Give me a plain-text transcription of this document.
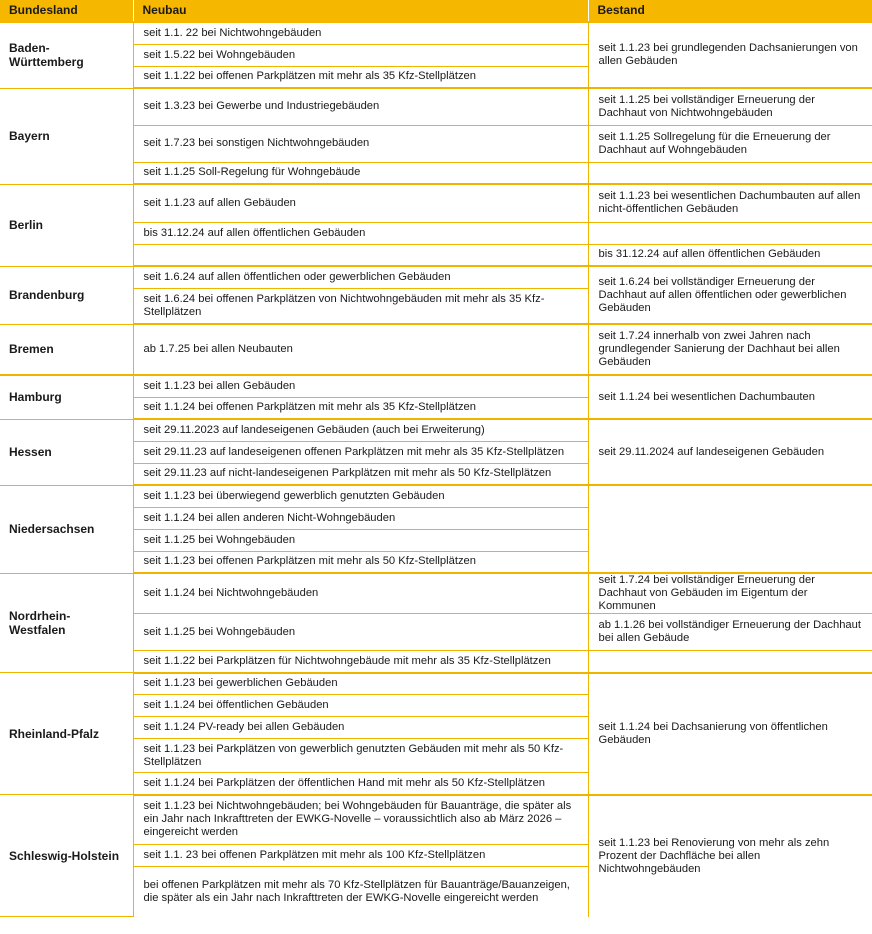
Bundesland	Neubau	Bestand
Baden-
Württemberg	seit 1.1. 22 bei Nichtwohngebäuden	seit 1.1.23 bei grundlegenden Dachsanierungen von allen Gebäuden
	seit 1.5.22 bei Wohngebäuden	
	seit 1.1.22 bei offenen Parkplätzen mit mehr als 35 Kfz-Stellplätzen	
Bayern	seit 1.3.23 bei Gewerbe und Industriegebäuden	seit 1.1.25 bei vollständiger Erneuerung der Dachhaut von Nichtwohngebäuden
	seit 1.7.23 bei sonstigen Nichtwohngebäuden	seit 1.1.25 Sollregelung für die Erneuerung der Dachhaut auf Wohngebäuden
	seit 1.1.25 Soll-Regelung für Wohngebäude	
Berlin	seit 1.1.23 auf allen Gebäuden	seit 1.1.23 bei wesentlichen Dachumbauten auf allen nicht-öffentlichen Gebäuden
	bis 31.12.24 auf allen öffentlichen Gebäuden	
		bis 31.12.24 auf allen öffentlichen Gebäuden
Brandenburg	seit 1.6.24 auf allen öffentlichen oder gewerblichen Gebäuden	seit 1.6.24 bei vollständiger Erneuerung der Dachhaut auf allen öffentlichen oder gewerblichen Gebäuden
	seit 1.6.24 bei offenen Parkplätzen von Nichtwohngebäuden mit mehr als 35 Kfz-Stellplätzen	
Bremen	ab 1.7.25 bei allen Neubauten	seit 1.7.24 innerhalb von zwei Jahren nach grundlegender Sanierung der Dachhaut bei allen Gebäuden
Hamburg	seit 1.1.23 bei allen Gebäuden	seit 1.1.24 bei wesentlichen Dachumbauten
	seit 1.1.24 bei offenen Parkplätzen mit mehr als 35 Kfz-Stellplätzen	
Hessen	seit 29.11.2023 auf landeseigenen Gebäuden (auch bei Erweiterung)	seit 29.11.2024 auf landeseigenen Gebäuden
	seit 29.11.23 auf landeseigenen offenen Parkplätzen mit mehr als 35 Kfz-Stellplätzen	
	seit 29.11.23 auf nicht-landeseigenen Parkplätzen mit mehr als 50 Kfz-Stellplätzen	
Niedersachsen	seit 1.1.23 bei überwiegend gewerblich genutzten Gebäuden	
	seit 1.1.24 bei allen anderen Nicht-Wohngebäuden	
	seit 1.1.25 bei Wohngebäuden	
	seit 1.1.23 bei offenen Parkplätzen mit mehr als 50 Kfz-Stellplätzen	
Nordrhein-
Westfalen	seit 1.1.24 bei Nichtwohngebäuden	seit 1.7.24 bei vollständiger Erneuerung der Dachhaut von Gebäuden im Eigentum der Kommunen
	seit 1.1.25 bei Wohngebäuden	ab 1.1.26 bei vollständiger Erneuerung der Dachhaut bei allen Gebäude
	seit 1.1.22 bei Parkplätzen für Nichtwohngebäude mit mehr als 35 Kfz-Stellplätzen	
Rheinland-Pfalz	seit 1.1.23 bei gewerblichen Gebäuden	seit 1.1.24 bei Dachsanierung von öffentlichen Gebäuden
	seit 1.1.24 bei öffentlichen Gebäuden	
	seit 1.1.24 PV-ready bei allen Gebäuden	
	seit 1.1.23 bei Parkplätzen von gewerblich genutzten Gebäuden mit mehr als 50 Kfz-Stellplätzen	
	seit 1.1.24 bei Parkplätzen der öffentlichen Hand mit mehr als 50 Kfz-Stellplätzen	
Schleswig-Holstein	seit 1.1.23 bei Nichtwohngebäuden; bei Wohngebäuden für Bauanträge, die später als ein Jahr nach Inkrafttreten der EWKG-Novelle – voraussichtlich also ab März 2026 – eingereicht werden	seit 1.1.23 bei Renovierung von mehr als zehn Prozent der Dachfläche bei allen Nichtwohngebäuden
	seit 1.1. 23 bei offenen Parkplätzen mit mehr als 100 Kfz-Stellplätzen	
	bei offenen Parkplätzen mit mehr als 70 Kfz-Stellplätzen für Bauanträge/Bauanzeigen, die später als ein Jahr nach Inkrafttreten der EWKG-Novelle eingereicht werden	
